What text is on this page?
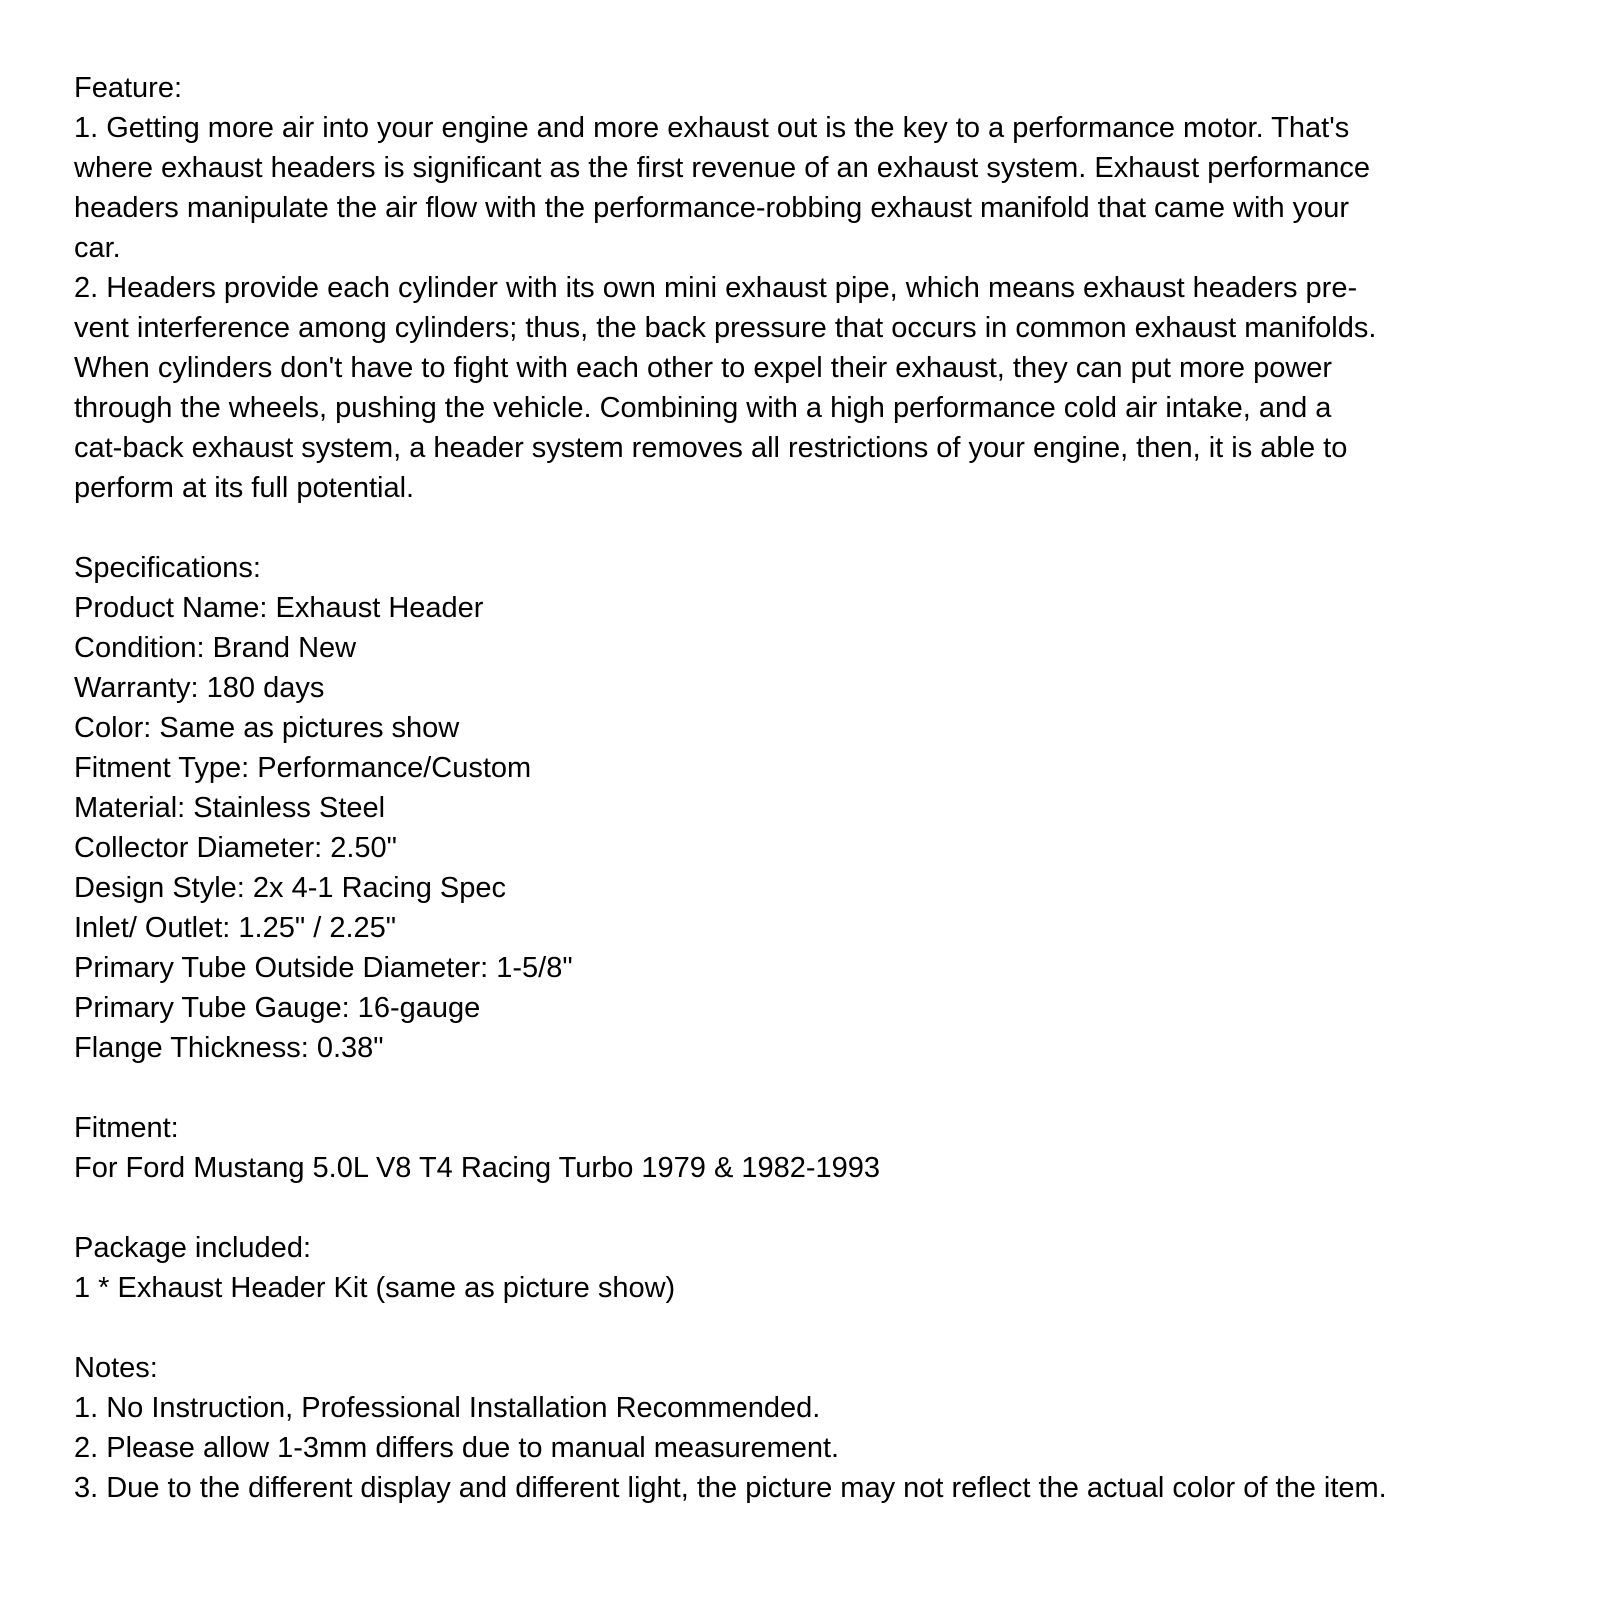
Feature:

1. Getting more air into your engine and more exhaust out is the key to a performance motor. That's

where exhaust headers is significant as the first revenue of an exhaust system. Exhaust performance

headers manipulate the air flow with the performance-robbing exhaust manifold that came with your

car.

2. Headers provide each cylinder with its own mini exhaust pipe, which means exhaust headers pre-

vent interference among cylinders; thus, the back pressure that occurs in common exhaust manifolds.

When cylinders don't have to fight with each other to expel their exhaust, they can put more power

through the wheels, pushing the vehicle. Combining with a high performance cold air intake, and a

cat-back exhaust system, a header system removes all restrictions of your engine, then, it is able to

perform at its full potential.

Specifications:

Product Name: Exhaust Header

Condition: Brand New

Warranty: 180 days

Color: Same as pictures show

Fitment Type: Performance/Custom

Material: Stainless Steel

Collector Diameter: 2.50"

Design Style: 2x 4-1 Racing Spec

Inlet/ Outlet: 1.25" / 2.25"

Primary Tube Outside Diameter: 1-5/8"

Primary Tube Gauge: 16-gauge

Flange Thickness: 0.38"

Fitment:

For Ford Mustang 5.0L V8 T4 Racing Turbo 1979 & 1982-1993

Package included:

1 * Exhaust Header Kit (same as picture show)

Notes:

1. No Instruction, Professional Installation Recommended.

2. Please allow 1-3mm differs due to manual measurement.

3. Due to the different display and different light, the picture may not reflect the actual color of the item.
